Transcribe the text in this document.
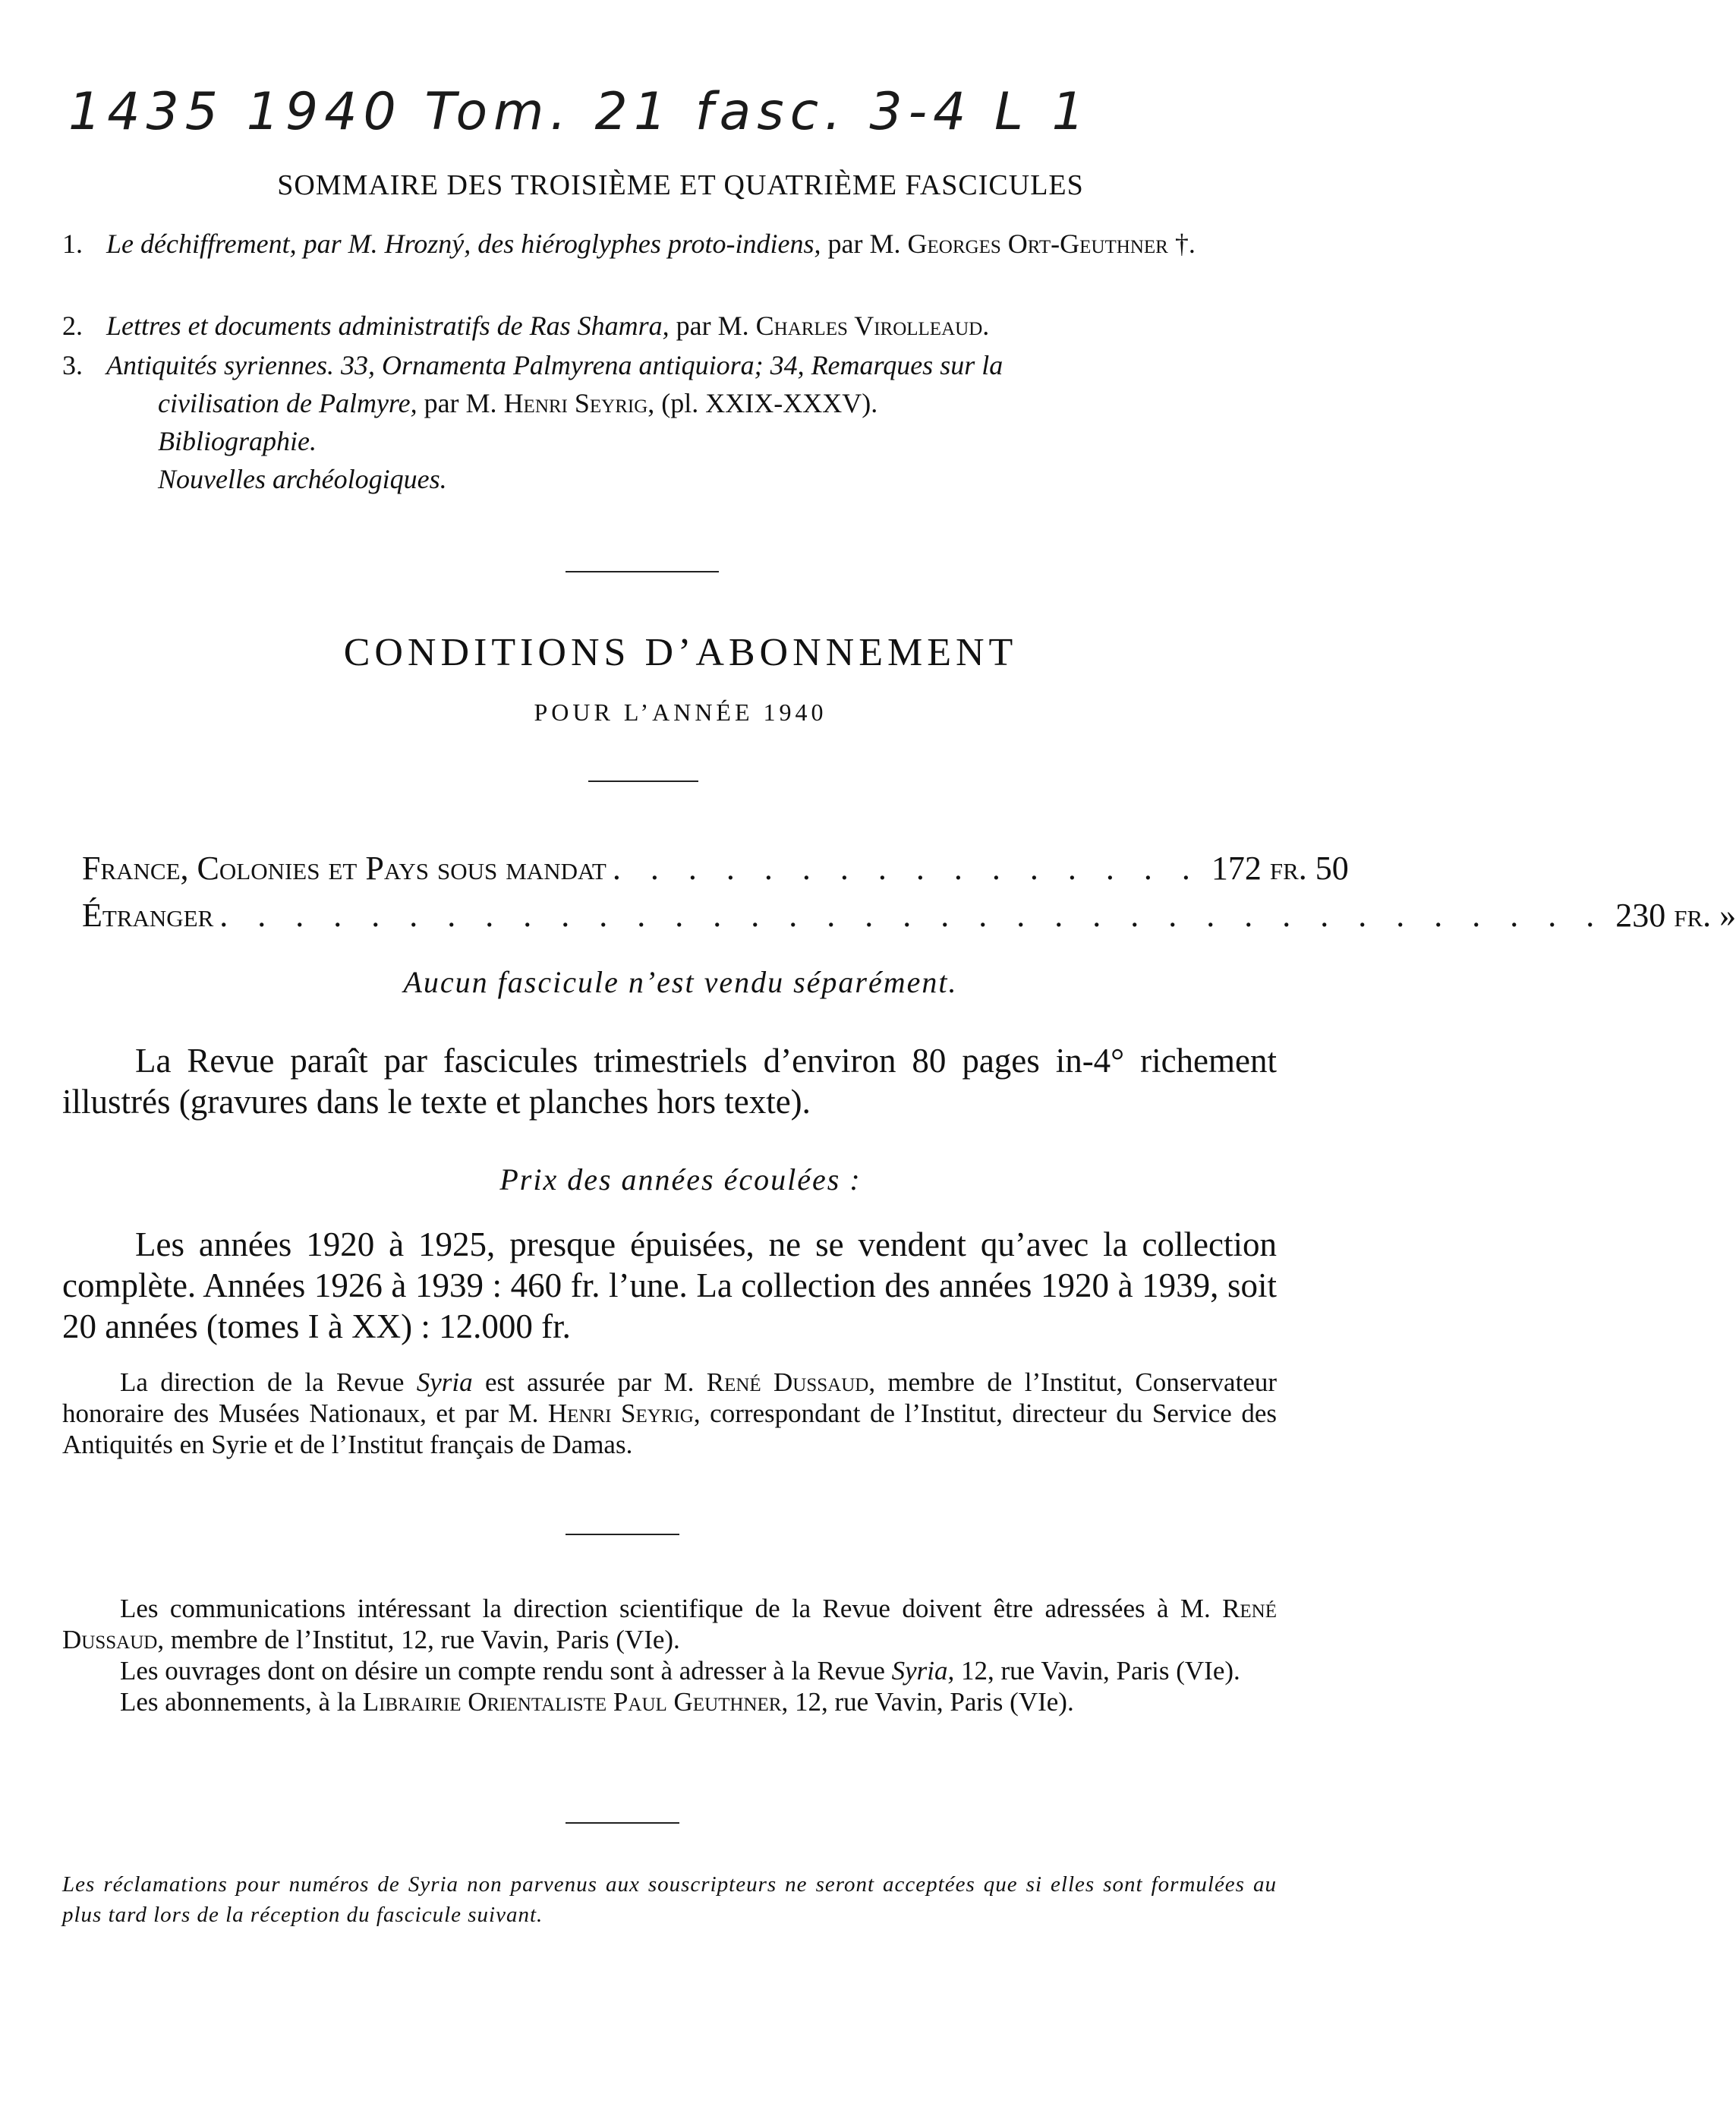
1435 1940 Tom. 21 fasc. 3-4 L 1
SOMMAIRE DES TROISIÈME ET QUATRIÈME FASCICULES
1. Le déchiffrement, par M. Hrozný, des hiéroglyphes proto-indiens, par M. Georges Ort-Geuthner †.
2. Lettres et documents administratifs de Ras Shamra, par M. Charles Virolleaud.
3. Antiquités syriennes. 33, Ornamenta Palmyrena antiquiora; 34, Remarques sur la
civilisation de Palmyre, par M. Henri Seyrig, (pl. XXIX-XXXV).
Bibliographie.
Nouvelles archéologiques.
CONDITIONS D’ABONNEMENT
POUR L’ANNÉE 1940
France, Colonies et Pays sous mandat . . . . . . . . . . . . . . . . 172 fr. 50
Étranger . . . . . . . . . . . . . . . . . . . . . . . . . . . . . . . . . . . . . 230 fr. »
Aucun fascicule n’est vendu séparément.

La Revue paraît par fascicules trimestriels d’environ 80 pages in-4° richement illustrés (gravures dans le texte et planches hors texte).

Prix des années écoulées :

Les années 1920 à 1925, presque épuisées, ne se vendent qu’avec la collection complète. Années 1926 à 1939 : 460 fr. l’une. La collection des années 1920 à 1939, soit 20 années (tomes I à XX) : 12.000 fr.

La direction de la Revue Syria est assurée par M. René Dussaud, membre de l’Institut, Conservateur honoraire des Musées Nationaux, et par M. Henri Seyrig, correspondant de l’Institut, directeur du Service des Antiquités en Syrie et de l’Institut français de Damas.

Les communications intéressant la direction scientifique de la Revue doivent être adressées à M. René Dussaud, membre de l’Institut, 12, rue Vavin, Paris (VIe).

Les ouvrages dont on désire un compte rendu sont à adresser à la Revue Syria, 12, rue Vavin, Paris (VIe).

Les abonnements, à la Librairie Orientaliste Paul Geuthner, 12, rue Vavin, Paris (VIe).

Les réclamations pour numéros de Syria non parvenus aux souscripteurs ne seront acceptées que si elles sont formulées au plus tard lors de la réception du fascicule suivant.
